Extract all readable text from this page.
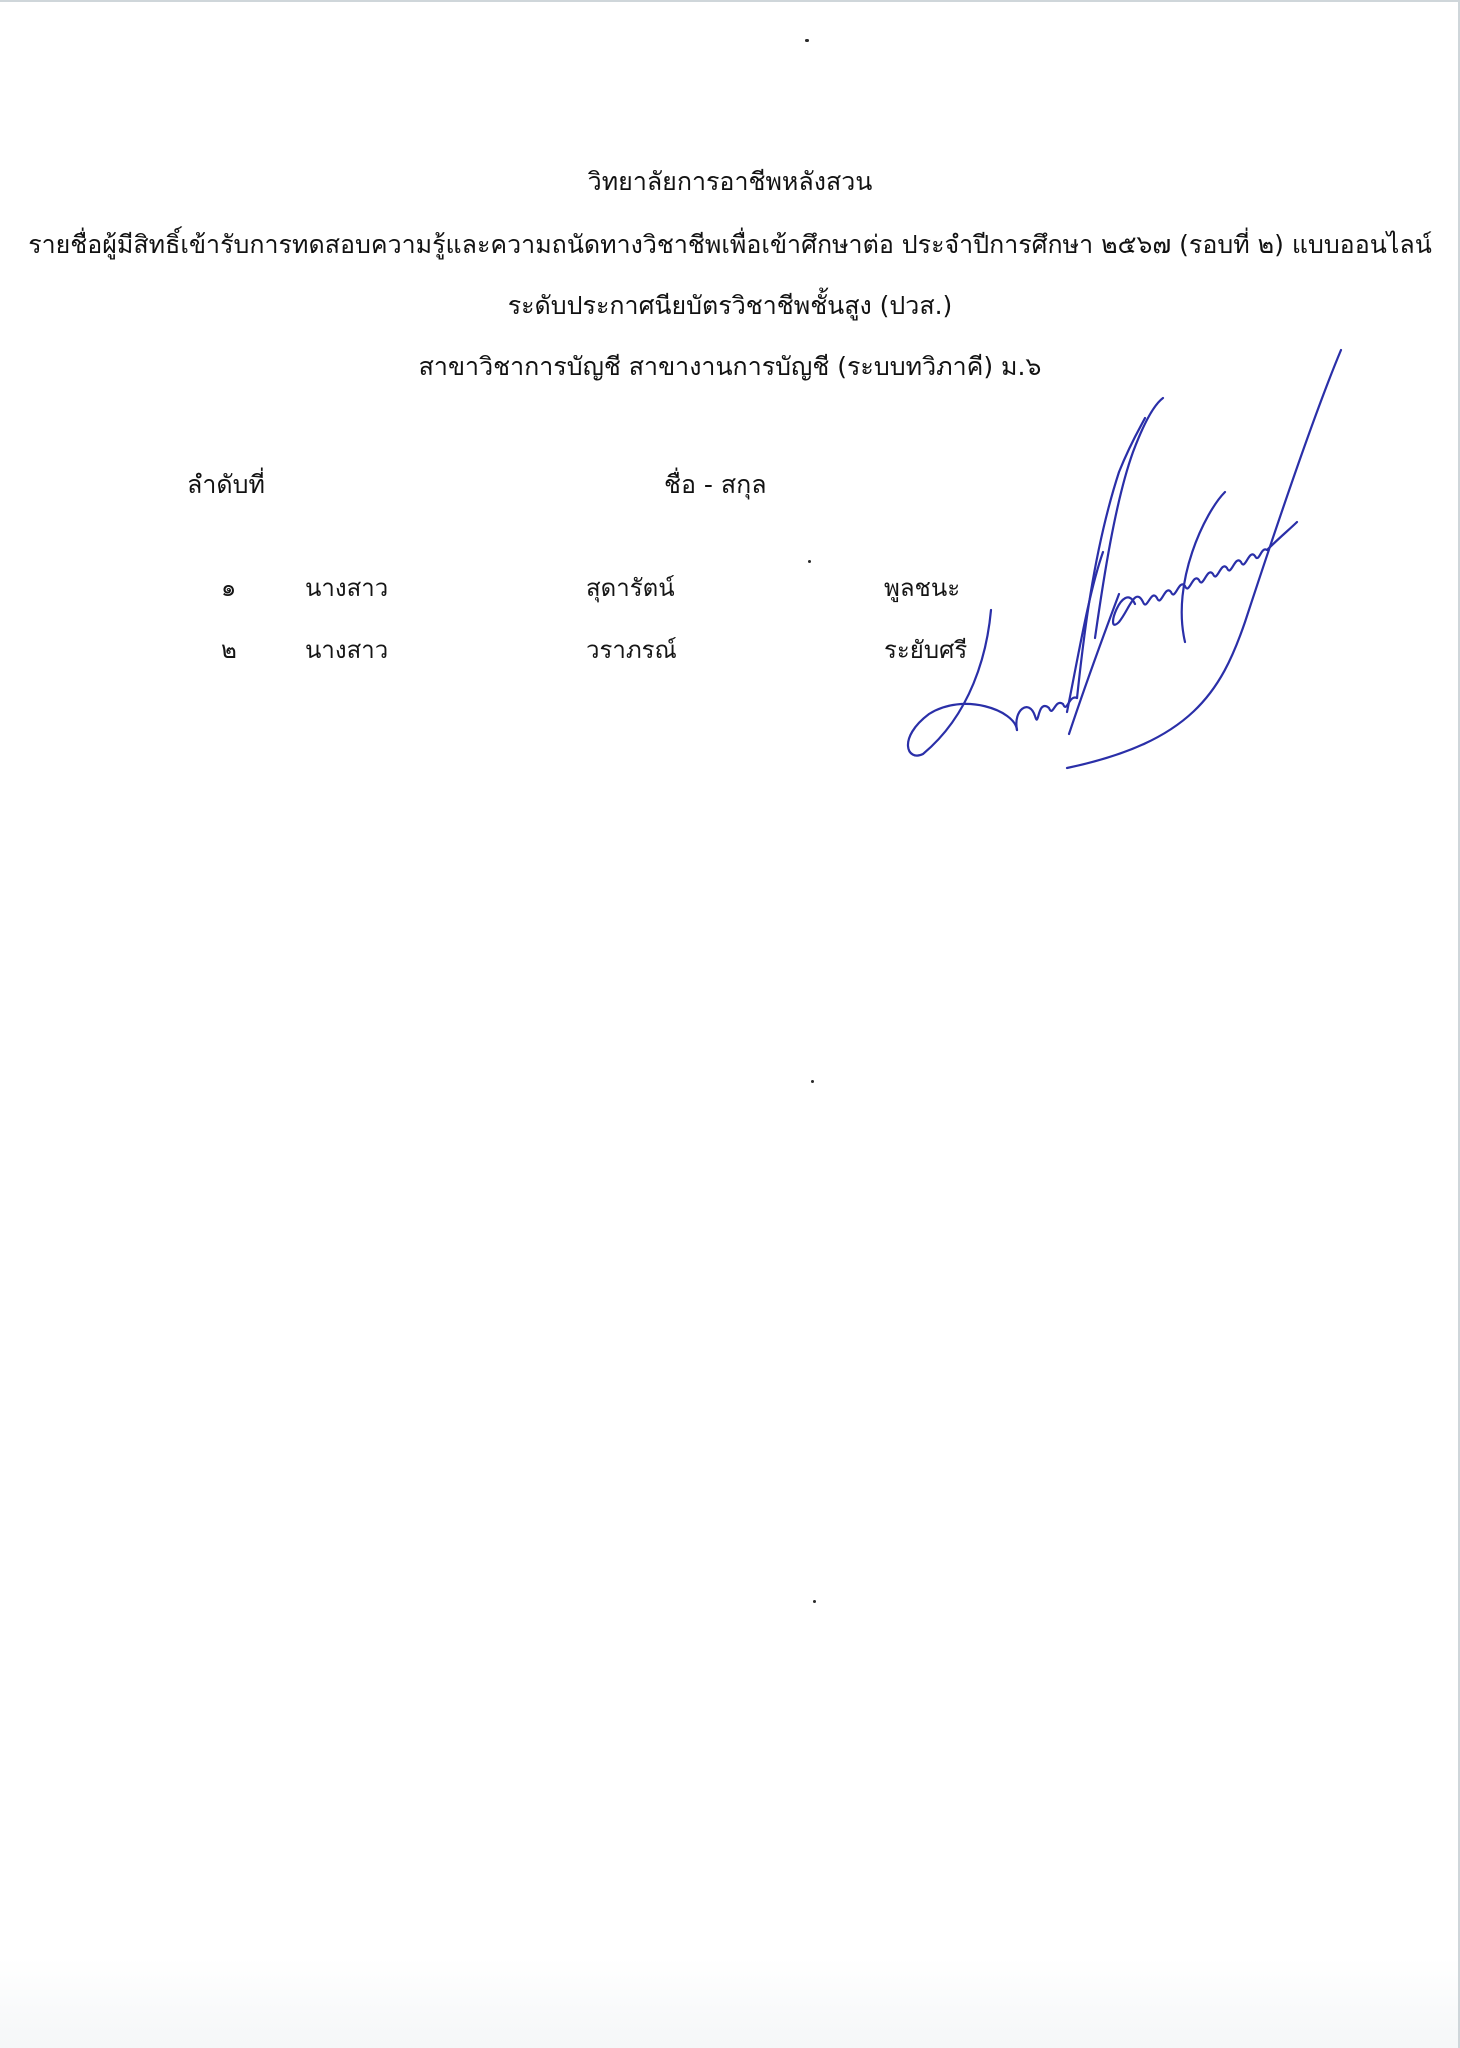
วิทยาลัยการอาชีพหลังสวน
รายชื่อผู้มีสิทธิ์เข้ารับการทดสอบความรู้และความถนัดทางวิชาชีพเพื่อเข้าศึกษาต่อ ประจำปีการศึกษา ๒๕๖๗ (รอบที่ ๒) แบบออนไลน์
ระดับประกาศนียบัตรวิชาชีพชั้นสูง (ปวส.)
สาขาวิชาการบัญชี สาขางานการบัญชี (ระบบทวิภาคี) ม.๖
ลำดับที่	ชื่อ - สกุล
๑	นางสาว	สุดารัตน์	พูลชนะ
๒	นางสาว	วราภรณ์	ระยับศรี
